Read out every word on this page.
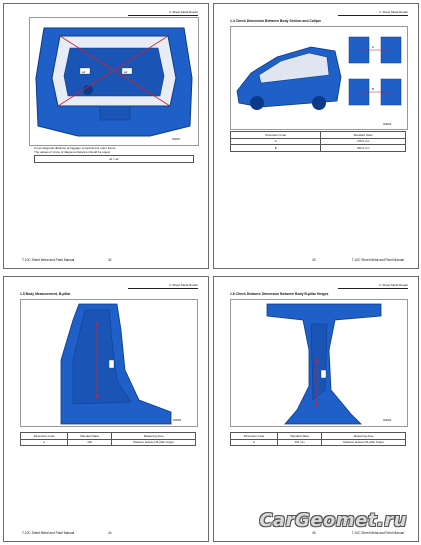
3. Sheet Metal Repair
a1	a2
S00001
Cross diagonal distance of luggage compartment outer frame.
The values of cross of diagonal distance should be equal.
a1 = a2
T-10C Sheet Metal and Paint Manual	42
3. Sheet Metal Repair
1.4 Check Dimension Between Body Section and Caliper
A
B
S00002
Dimension Code	Standard Value
A	475.0 mm
B	400.0 mm
43	T-10C Sheet Metal and Paint Manual
3. Sheet Metal Repair
1.5 Body Measurement, B-pillar
S00003
Dimension Code	Standard Value	Measuring Area
A	402	Distance between B-pillar hinges
T-10C Sheet Metal and Paint Manual	44
3. Sheet Metal Repair
1.6 Check Distance Dimension Between Body B-pillar Hinges
S00004
Dimension Code	Standard Value	Measuring Area
A	402 mm	Distance between B-pillar hinges
45	T-10C Sheet Metal and Paint Manual
CarGeomet.ru
